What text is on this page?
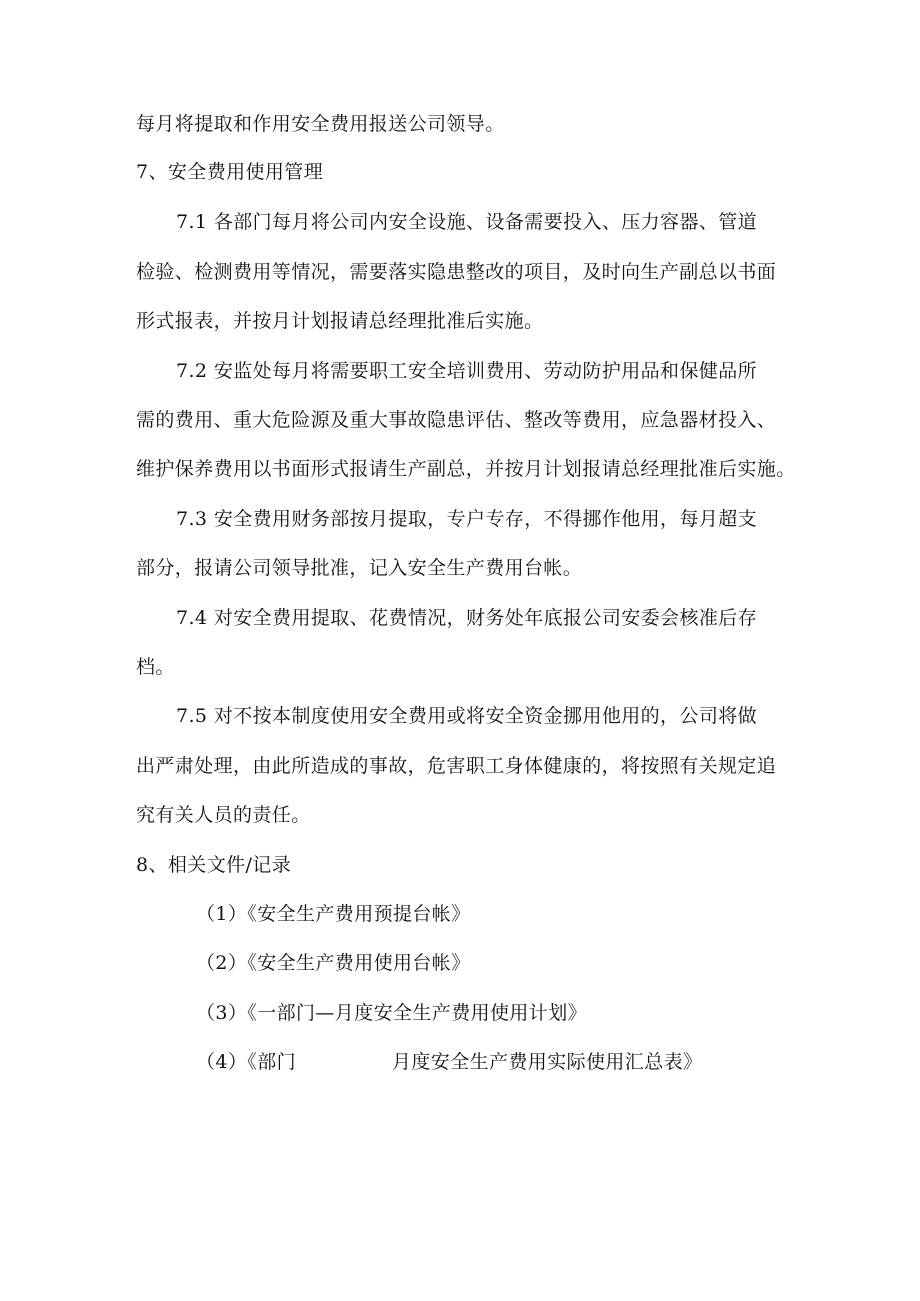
每月将提取和作用安全费用报送公司领导。
7、安全费用使用管理
7.1 各部门每月将公司内安全设施、设备需要投入、压力容器、管道
检验、检测费用等情况，需要落实隐患整改的项目，及时向生产副总以书面
形式报表，并按月计划报请总经理批准后实施。
7.2 安监处每月将需要职工安全培训费用、劳动防护用品和保健品所
需的费用、重大危险源及重大事故隐患评估、整改等费用，应急器材投入、
维护保养费用以书面形式报请生产副总，并按月计划报请总经理批准后实施。
7.3 安全费用财务部按月提取，专户专存，不得挪作他用，每月超支
部分，报请公司领导批准，记入安全生产费用台帐。
7.4 对安全费用提取、花费情况，财务处年底报公司安委会核准后存
档。
7.5 对不按本制度使用安全费用或将安全资金挪用他用的，公司将做
出严肃处理，由此所造成的事故，危害职工身体健康的，将按照有关规定追
究有关人员的责任。
8、相关文件/记录
（1）《安全生产费用预提台帐》
（2）《安全生产费用使用台帐》
（3）《一部门—月度安全生产费用使用计划》
（4）《部门	月度安全生产费用实际使用汇总表》
